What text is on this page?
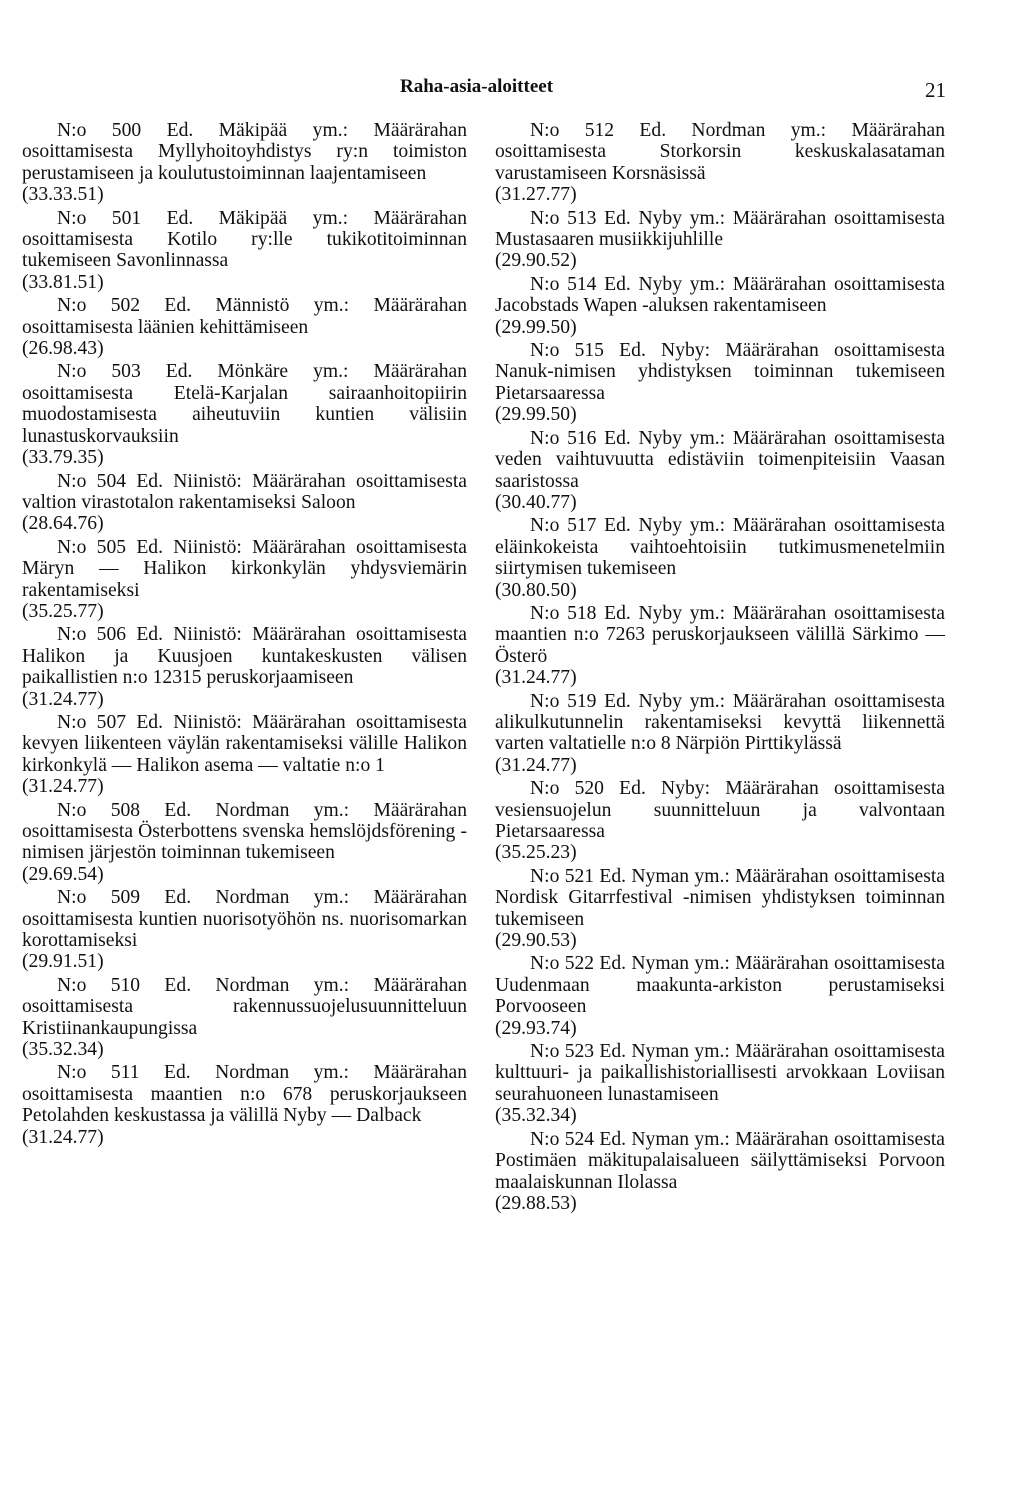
Raha-asia-aloitteet	21

N:o 500 Ed. Mäkipää ym.: Määrärahan osoittamisesta Myllyhoitoyhdistys ry:n toimiston perustamiseen ja koulutustoiminnan laajentamiseen
(33.33.51)

N:o 501 Ed. Mäkipää ym.: Määrärahan osoittamisesta Kotilo ry:lle tukikotitoiminnan tukemiseen Savonlinnassa
(33.81.51)

N:o 502 Ed. Männistö ym.: Määrärahan osoittamisesta läänien kehittämiseen
(26.98.43)

N:o 503 Ed. Mönkäre ym.: Määrärahan osoittamisesta Etelä-Karjalan sairaanhoitopiirin muodostamisesta aiheutuviin kuntien välisiin lunastuskorvauksiin
(33.79.35)

N:o 504 Ed. Niinistö: Määrärahan osoittamisesta valtion virastotalon rakentamiseksi Saloon
(28.64.76)

N:o 505 Ed. Niinistö: Määrärahan osoittamisesta Märyn — Halikon kirkonkylän yhdysviemärin rakentamiseksi
(35.25.77)

N:o 506 Ed. Niinistö: Määrärahan osoittamisesta Halikon ja Kuusjoen kuntakeskusten välisen paikallistien n:o 12315 peruskorjaamiseen
(31.24.77)

N:o 507 Ed. Niinistö: Määrärahan osoittamisesta kevyen liikenteen väylän rakentamiseksi välille Halikon kirkonkylä — Halikon asema — valtatie n:o 1
(31.24.77)

N:o 508 Ed. Nordman ym.: Määrärahan osoittamisesta Österbottens svenska hemslöjdsförening -nimisen järjestön toiminnan tukemiseen
(29.69.54)

N:o 509 Ed. Nordman ym.: Määrärahan osoittamisesta kuntien nuorisotyöhön ns. nuorisomarkan korottamiseksi
(29.91.51)

N:o 510 Ed. Nordman ym.: Määrärahan osoittamisesta rakennussuojelusuunnitteluun Kristiinankaupungissa
(35.32.34)

N:o 511 Ed. Nordman ym.: Määrärahan osoittamisesta maantien n:o 678 peruskorjaukseen Petolahden keskustassa ja välillä Nyby — Dalback
(31.24.77)

N:o 512 Ed. Nordman ym.: Määrärahan osoittamisesta Storkorsin keskuskalasataman varustamiseen Korsnäsissä
(31.27.77)

N:o 513 Ed. Nyby ym.: Määrärahan osoittamisesta Mustasaaren musiikkijuhlille
(29.90.52)

N:o 514 Ed. Nyby ym.: Määrärahan osoittamisesta Jacobstads Wapen -aluksen rakentamiseen
(29.99.50)

N:o 515 Ed. Nyby: Määrärahan osoittamisesta Nanuk-nimisen yhdistyksen toiminnan tukemiseen Pietarsaaressa
(29.99.50)

N:o 516 Ed. Nyby ym.: Määrärahan osoittamisesta veden vaihtuvuutta edistäviin toimenpiteisiin Vaasan saaristossa
(30.40.77)

N:o 517 Ed. Nyby ym.: Määrärahan osoittamisesta eläinkokeista vaihtoehtoisiin tutkimusmenetelmiin siirtymisen tukemiseen
(30.80.50)

N:o 518 Ed. Nyby ym.: Määrärahan osoittamisesta maantien n:o 7263 peruskorjaukseen välillä Särkimo — Österö
(31.24.77)

N:o 519 Ed. Nyby ym.: Määrärahan osoittamisesta alikulkutunnelin rakentamiseksi kevyttä liikennettä varten valtatielle n:o 8 Närpiön Pirttikylässä
(31.24.77)

N:o 520 Ed. Nyby: Määrärahan osoittamisesta vesiensuojelun suunnitteluun ja valvontaan Pietarsaaressa
(35.25.23)

N:o 521 Ed. Nyman ym.: Määrärahan osoittamisesta Nordisk Gitarrfestival -nimisen yhdistyksen toiminnan tukemiseen
(29.90.53)

N:o 522 Ed. Nyman ym.: Määrärahan osoittamisesta Uudenmaan maakunta-arkiston perustamiseksi Porvooseen
(29.93.74)

N:o 523 Ed. Nyman ym.: Määrärahan osoittamisesta kulttuuri- ja paikallishistoriallisesti arvokkaan Loviisan seurahuoneen lunastamiseen
(35.32.34)

N:o 524 Ed. Nyman ym.: Määrärahan osoittamisesta Postimäen mäkitupalaisalueen säilyttämiseksi Porvoon maalaiskunnan Ilolassa
(29.88.53)
